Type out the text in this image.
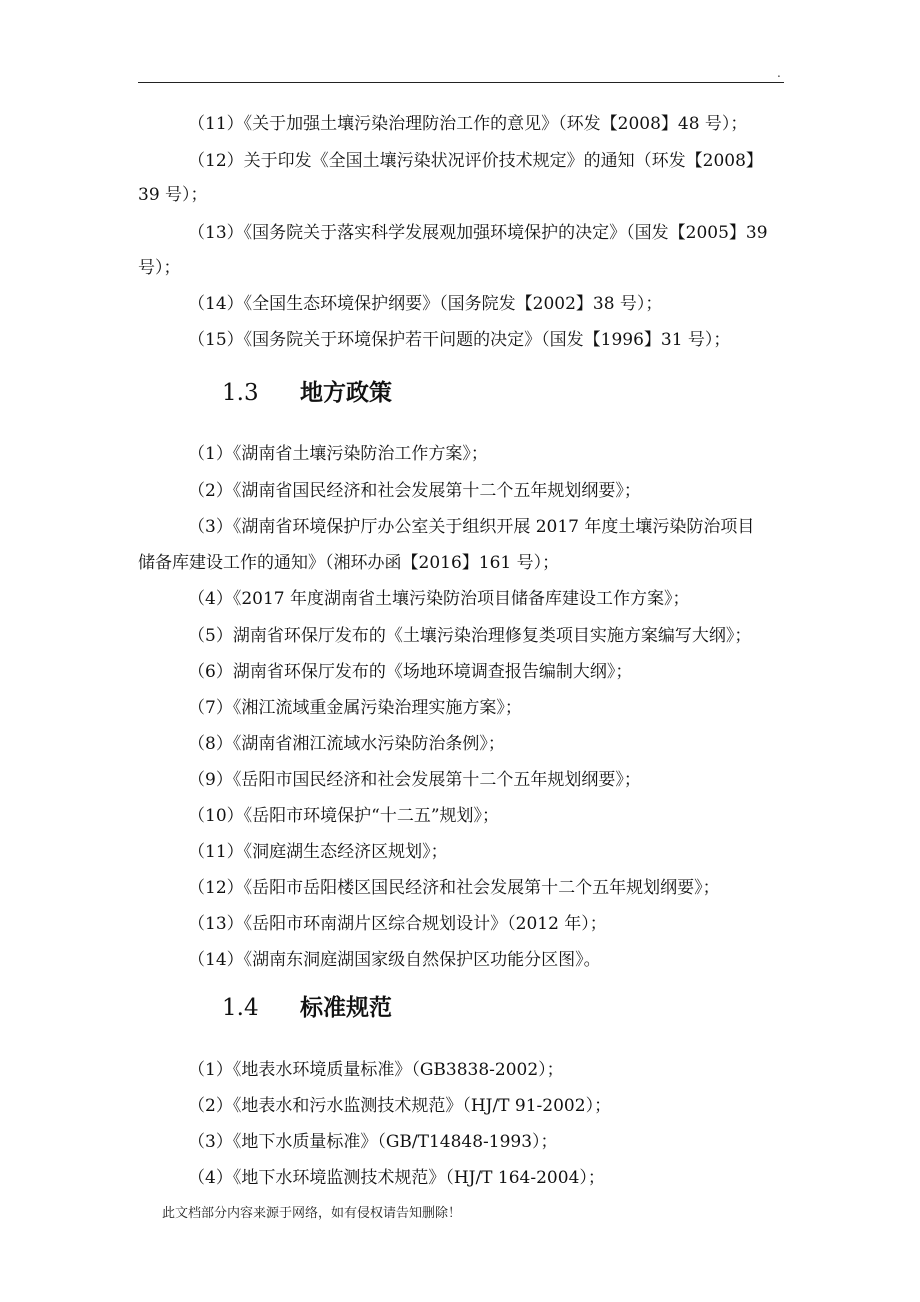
.
（11）《关于加强土壤污染治理防治工作的意见》（环发【2008】48 号）；
（12）关于印发《全国土壤污染状况评价技术规定》的通知（环发【2008】
39 号）；
（13）《国务院关于落实科学发展观加强环境保护的决定》（国发【2005】39
号）；
（14）《全国生态环境保护纲要》（国务院发【2002】38 号）；
（15）《国务院关于环境保护若干问题的决定》（国发【1996】31 号）；
1.3 地方政策
（1）《湖南省土壤污染防治工作方案》；
（2）《湖南省国民经济和社会发展第十二个五年规划纲要》；
（3）《湖南省环境保护厅办公室关于组织开展 2017 年度土壤污染防治项目
储备库建设工作的通知》（湘环办函【2016】161 号）；
（4）《2017 年度湖南省土壤污染防治项目储备库建设工作方案》；
（5）湖南省环保厅发布的《土壤污染治理修复类项目实施方案编写大纲》；
（6）湖南省环保厅发布的《场地环境调查报告编制大纲》；
（7）《湘江流域重金属污染治理实施方案》；
（8）《湖南省湘江流域水污染防治条例》；
（9）《岳阳市国民经济和社会发展第十二个五年规划纲要》；
（10）《岳阳市环境保护“十二五”规划》；
（11）《洞庭湖生态经济区规划》；
（12）《岳阳市岳阳楼区国民经济和社会发展第十二个五年规划纲要》；
（13）《岳阳市环南湖片区综合规划设计》（2012 年）；
（14）《湖南东洞庭湖国家级自然保护区功能分区图》。
1.4 标准规范
（1）《地表水环境质量标准》（GB3838-2002）；
（2）《地表水和污水监测技术规范》（HJ/T 91-2002）；
（3）《地下水质量标准》（GB/T14848-1993）；
（4）《地下水环境监测技术规范》（HJ/T 164-2004）；
此文档部分内容来源于网络，如有侵权请告知删除！
